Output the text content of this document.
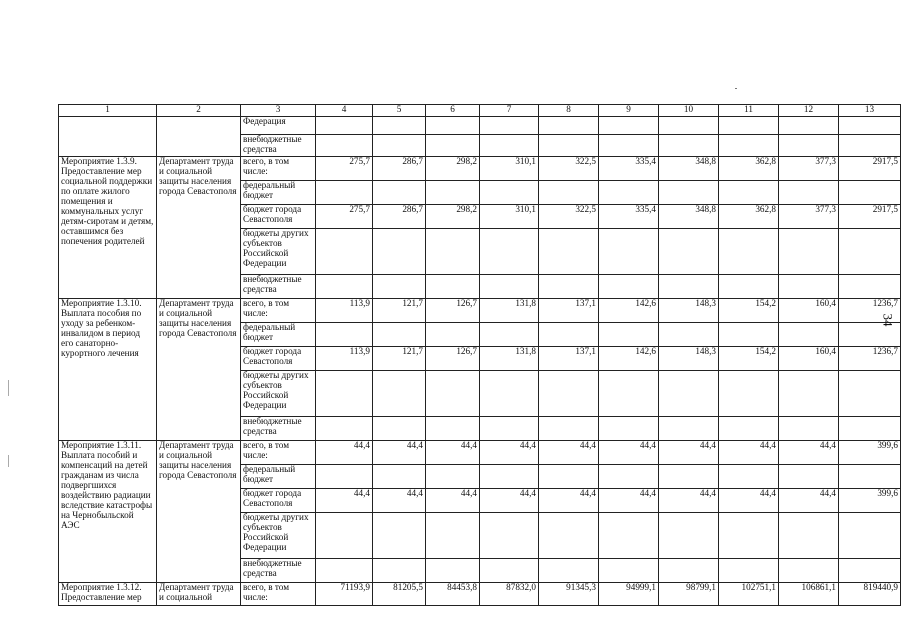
1	2	3	4	5	6	7	8	9	10	11	12	13
		Федерация										
		внебюджетные средства										
Мероприятие 1.3.9. Предоставление мер социальной поддержки по оплате жилого помещения и коммунальных услуг детям-сиротам и детям, оставшимся без попечения родителей	Департамент труда и социальной защиты населения города Севастополя	всего, в том числе:	275,7	286,7	298,2	310,1	322,5	335,4	348,8	362,8	377,3	2917,5
		федеральный бюджет										
		бюджет города Севастополя	275,7	286,7	298,2	310,1	322,5	335,4	348,8	362,8	377,3	2917,5
		бюджеты других субъектов Российской Федерации										
		внебюджетные средства										
Мероприятие 1.3.10. Выплата пособия по уходу за ребенком-инвалидом в период его санаторно-курортного лечения	Департамент труда и социальной защиты населения города Севастополя	всего, в том числе:	113,9	121,7	126,7	131,8	137,1	142,6	148,3	154,2	160,4	1236,7
		федеральный бюджет										
		бюджет города Севастополя	113,9	121,7	126,7	131,8	137,1	142,6	148,3	154,2	160,4	1236,7
		бюджеты других субъектов Российской Федерации										
		внебюджетные средства										
Мероприятие 1.3.11. Выплата пособий и компенсаций на детей гражданам из числа подвергшихся воздействию радиации вследствие катастрофы на Чернобыльской АЭС	Департамент труда и социальной защиты населения города Севастополя	всего, в том числе:	44,4	44,4	44,4	44,4	44,4	44,4	44,4	44,4	44,4	399,6
		федеральный бюджет										
		бюджет города Севастополя	44,4	44,4	44,4	44,4	44,4	44,4	44,4	44,4	44,4	399,6
		бюджеты других субъектов Российской Федерации										
		внебюджетные средства										
Мероприятие 1.3.12. Предоставление мер	Департамент труда и социальной	всего, в том числе:	71193,9	81205,5	84453,8	87832,0	91345,3	94999,1	98799,1	102751,1	106861,1	819440,9
34
